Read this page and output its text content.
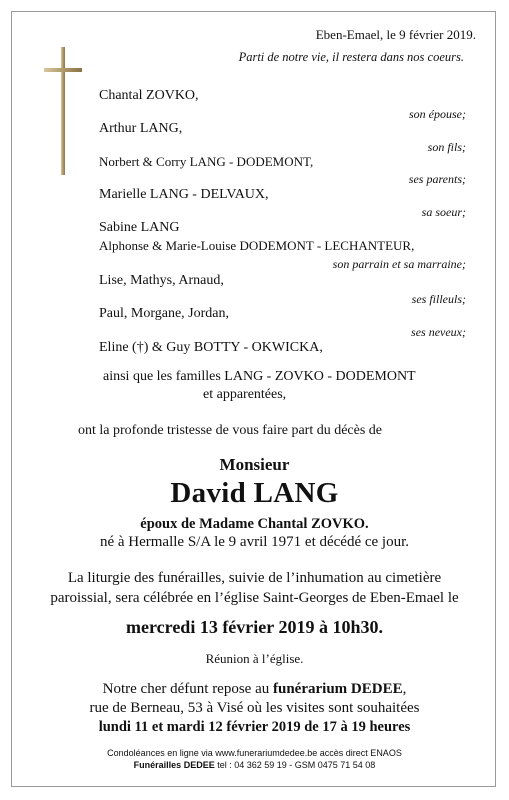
Eben-Emael, le 9 février 2019.
Parti de notre vie, il restera dans nos coeurs.
Chantal ZOVKO,
son épouse;
Arthur LANG,
son fils;
Norbert & Corry LANG - DODEMONT,
ses parents;
Marielle LANG - DELVAUX,
sa soeur;
Sabine LANG
Alphonse & Marie-Louise DODEMONT - LECHANTEUR,
son parrain et sa marraine;
Lise, Mathys, Arnaud,
ses filleuls;
Paul, Morgane, Jordan,
ses neveux;
Eline (†) & Guy BOTTY - OKWICKA,
ainsi que les familles LANG - ZOVKO - DODEMONT
et apparentées,
ont la profonde tristesse de vous faire part du décès de
Monsieur
David LANG
époux de Madame Chantal ZOVKO.
né à Hermalle S/A le 9 avril 1971 et décédé ce jour.
La liturgie des funérailles, suivie de l’inhumation au cimetière
paroissial, sera célébrée en l’église Saint-Georges de Eben-Emael le
mercredi 13 février 2019 à 10h30.
Réunion à l’église.
Notre cher défunt repose au funérarium DEDEE,
rue de Berneau, 53 à Visé où les visites sont souhaitées
lundi 11 et mardi 12 février 2019 de 17 à 19 heures
Condoléances en ligne via www.funerariumdedee.be accès direct ENAOS
Funérailles DEDEE tel : 04 362 59 19 - GSM 0475 71 54 08
